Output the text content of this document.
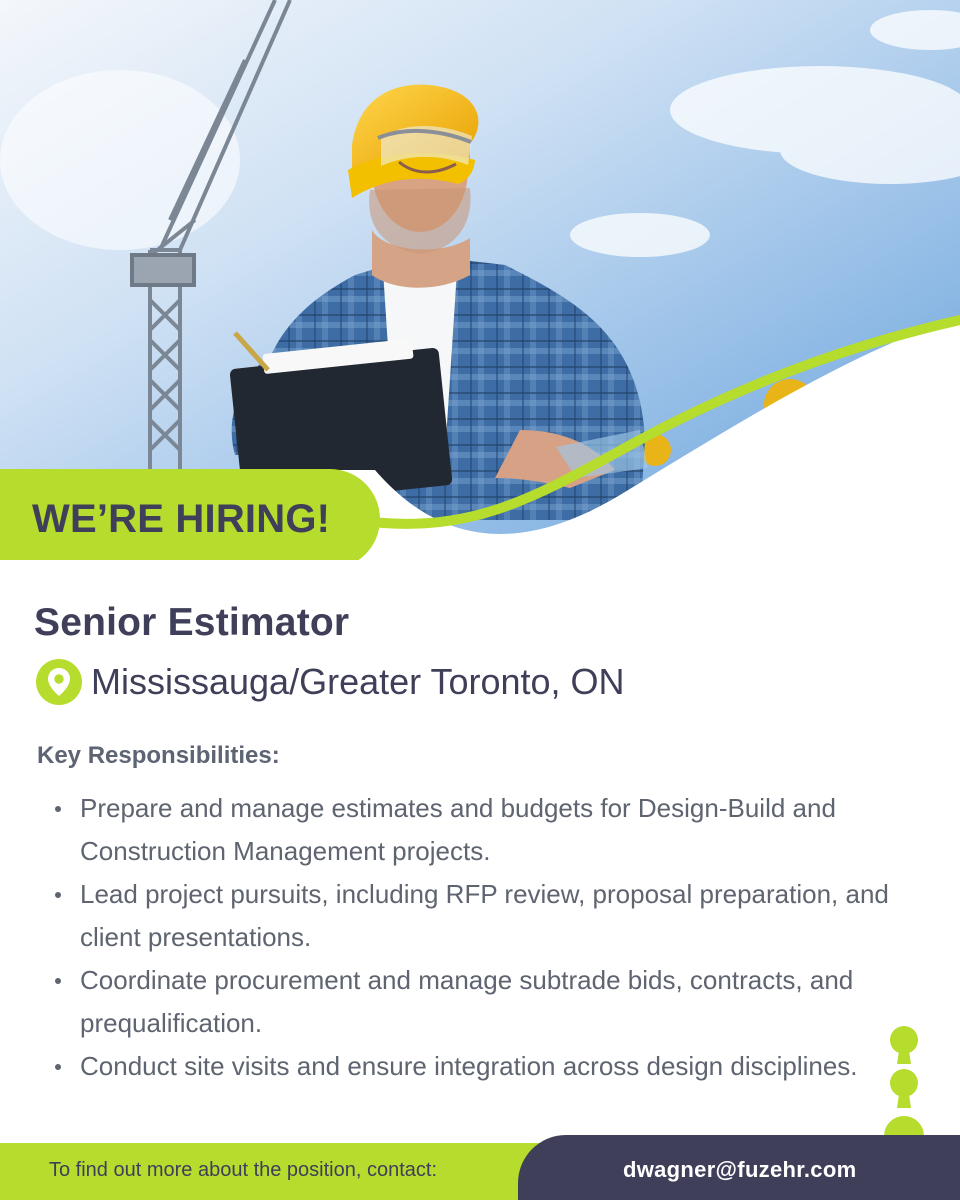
WE’RE HIRING!
Senior Estimator
Mississauga/Greater Toronto, ON
Key Responsibilities:
Prepare and manage estimates and budgets for Design-Build and Construction Management projects.
Lead project pursuits, including RFP review, proposal preparation, and client presentations.
Coordinate procurement and manage subtrade bids, contracts, and prequalification.
Conduct site visits and ensure integration across design disciplines.

To find out more about the position, contact:	dwagner@fuzehr.com
